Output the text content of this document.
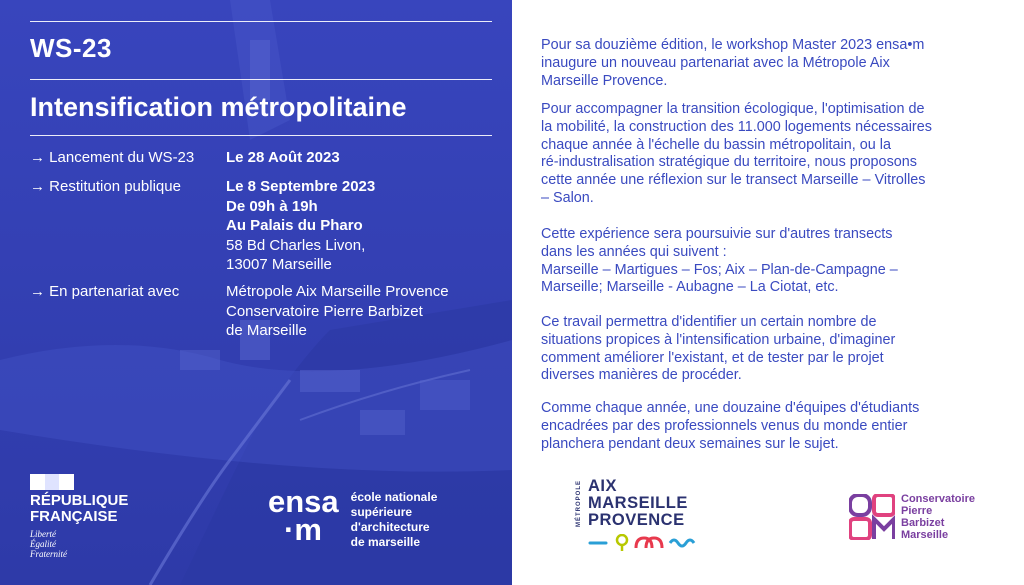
WS-23
Intensification métropolitaine
→ Lancement du WS-23	Le 28 Août 2023
→ Restitution publique	Le 8 Septembre 2023
De 09h à 19h
Au Palais du Pharo
58 Bd Charles Livon,
13007 Marseille
→ En partenariat avec	Métropole Aix Marseille Provence
Conservatoire Pierre Barbizet
de Marseille
RÉPUBLIQUE
FRANÇAISE
Liberté
Égalité
Fraternité
ensa
·m
école nationale
supérieure
d'architecture
de marseille
Pour sa douzième édition, le workshop Master 2023 ensa•m
inaugure un nouveau partenariat avec la Métropole Aix
Marseille Provence.
Pour accompagner la transition écologique, l'optimisation de
la mobilité, la construction des 11.000 logements nécessaires
chaque année à l'échelle du bassin métropolitain, ou la
ré-industralisation stratégique du territoire, nous proposons
cette année une réflexion sur le transect Marseille – Vitrolles
– Salon.
Cette expérience sera poursuivie sur d'autres transects
dans les années qui suivent :
Marseille – Martigues – Fos; Aix – Plan-de-Campagne –
Marseille; Marseille - Aubagne – La Ciotat, etc.
Ce travail permettra d'identifier un certain nombre de
situations propices à l'intensification urbaine, d'imaginer
comment améliorer l'existant, et de tester par le projet
diverses manières de procéder.
Comme chaque année, une douzaine d'équipes d'étudiants
encadrées par des professionnels venus du monde entier
planchera pendant deux semaines sur le sujet.
MÉTROPOLE AIX
MARSEILLE
PROVENCE
Conservatoire
Pierre
Barbizet
Marseille
